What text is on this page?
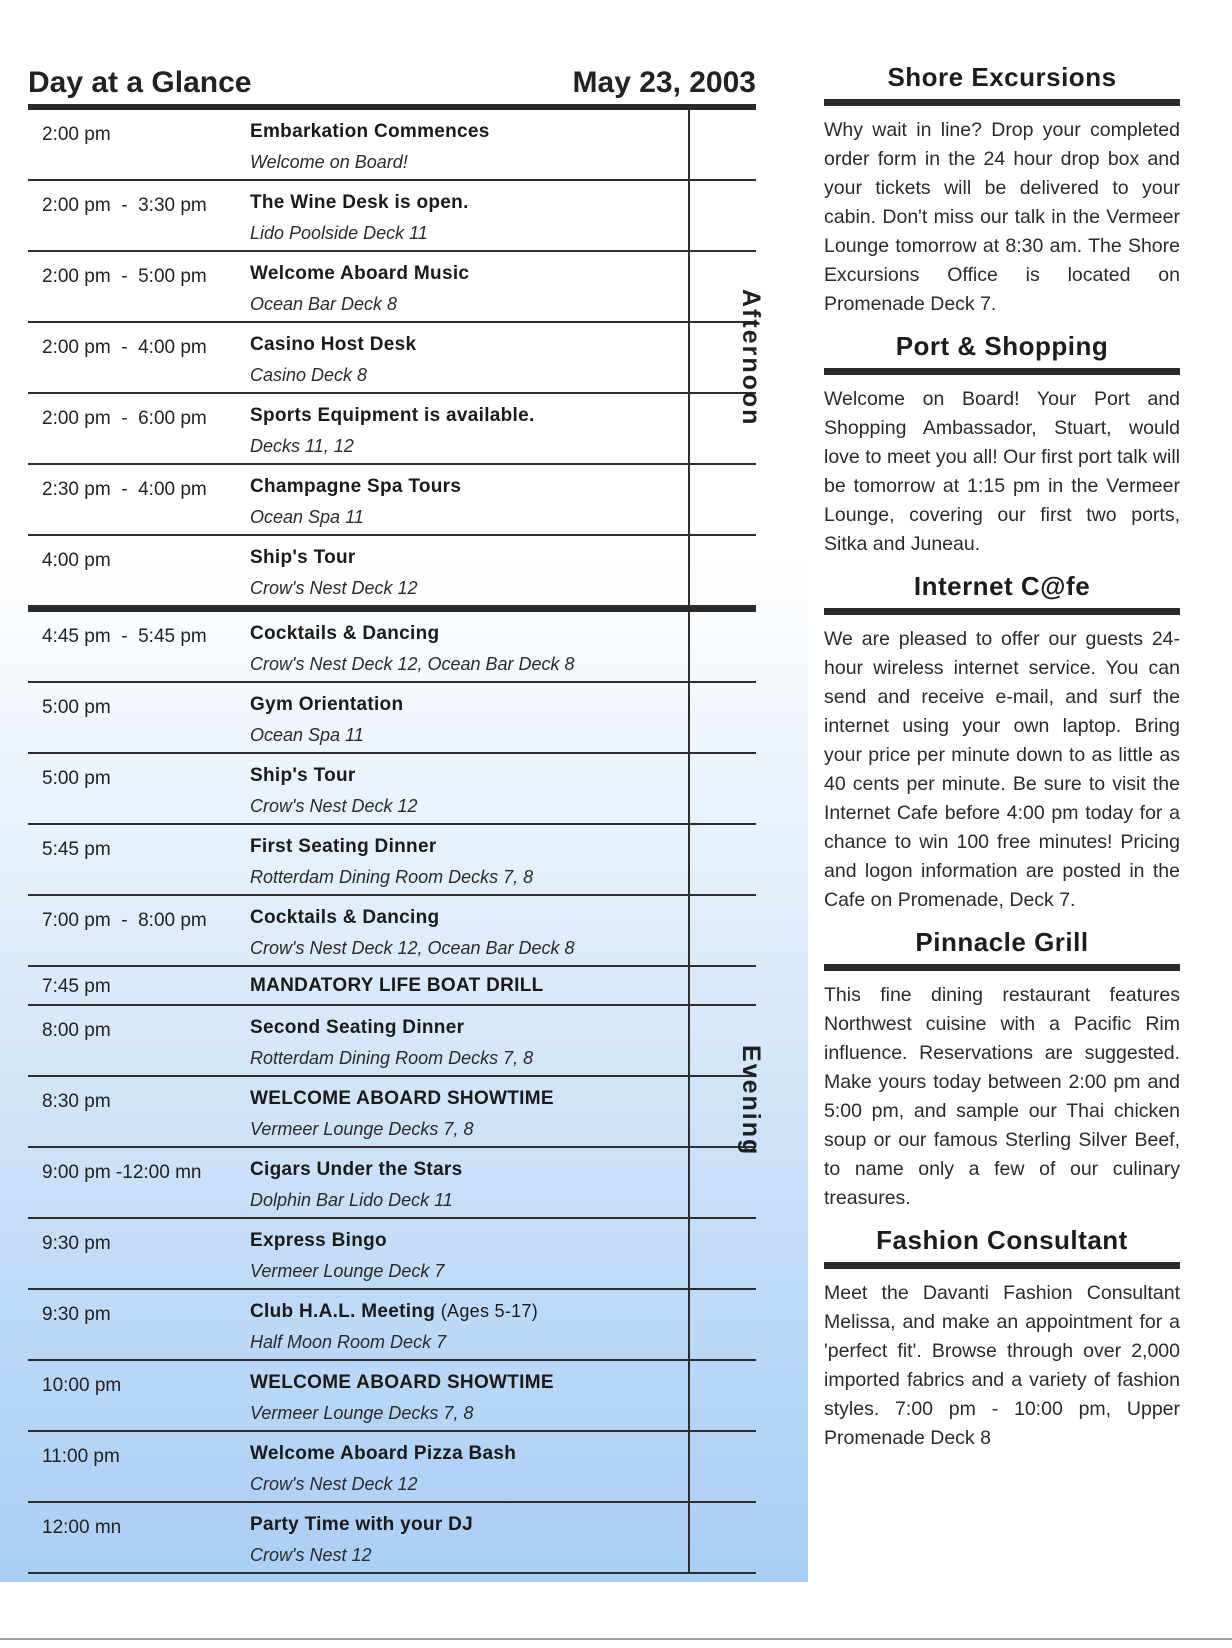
Day at a Glance	May 23, 2003
2:00 pm	Embarkation Commences
Welcome on Board!
2:00 pm  -  3:30 pm The Wine Desk is open.
Lido Poolside Deck 11
2:00 pm  -  5:00 pm Welcome Aboard Music
Ocean Bar Deck 8
2:00 pm  -  4:00 pm Casino Host Desk
Casino Deck 8
2:00 pm  -  6:00 pm Sports Equipment is available.
Decks 11, 12
2:30 pm  -  4:00 pm Champagne Spa Tours
Ocean Spa 11
4:00 pm	Ship's Tour
Crow's Nest Deck 12
4:45 pm  -  5:45 pm Cocktails & Dancing
Crow's Nest Deck 12, Ocean Bar Deck 8
5:00 pm	Gym Orientation
Ocean Spa 11
5:00 pm	Ship's Tour
Crow's Nest Deck 12
5:45 pm	First Seating Dinner
Rotterdam Dining Room Decks 7, 8
7:00 pm  -  8:00 pm Cocktails & Dancing
Crow's Nest Deck 12, Ocean Bar Deck 8
7:45 pm	MANDATORY LIFE BOAT DRILL
8:00 pm	Second Seating Dinner
Rotterdam Dining Room Decks 7, 8
8:30 pm	WELCOME ABOARD SHOWTIME
Vermeer Lounge Decks 7, 8
9:00 pm -12:00 mn	Cigars Under the Stars
Dolphin Bar Lido Deck 11
9:30 pm	Express Bingo
Vermeer Lounge Deck 7
9:30 pm	Club H.A.L. Meeting (Ages 5-17)
Half Moon Room Deck 7
10:00 pm	WELCOME ABOARD SHOWTIME
Vermeer Lounge Decks 7, 8
11:00 pm	Welcome Aboard Pizza Bash
Crow's Nest Deck 12
12:00 mn	Party Time with your DJ
Crow's Nest 12
Afternoon
Evening
Shore Excursions
Why wait in line? Drop your completed order form in the 24 hour drop box and your tickets will be delivered to your cabin. Don't miss our talk in the Vermeer Lounge tomorrow at 8:30 am. The Shore Excursions Office is located on Promenade Deck 7.
Port & Shopping
Welcome on Board! Your Port and Shopping Ambassador, Stuart, would love to meet you all! Our first port talk will be tomorrow at 1:15 pm in the Vermeer Lounge, covering our first two ports, Sitka and Juneau.
Internet C@fe
We are pleased to offer our guests 24-hour wireless internet service. You can send and receive e-mail, and surf the internet using your own laptop. Bring your price per minute down to as little as 40 cents per minute. Be sure to visit the Internet Cafe before 4:00 pm today for a chance to win 100 free minutes! Pricing and logon information are posted in the Cafe on Promenade, Deck 7.
Pinnacle Grill
This fine dining restaurant features Northwest cuisine with a Pacific Rim influence. Reservations are suggested. Make yours today between 2:00 pm and 5:00 pm, and sample our Thai chicken soup or our famous Sterling Silver Beef, to name only a few of our culinary treasures.
Fashion Consultant
Meet the Davanti Fashion Consultant Melissa, and make an appointment for a 'perfect fit'. Browse through over 2,000 imported fabrics and a variety of fashion styles. 7:00 pm - 10:00 pm, Upper Promenade Deck 8
